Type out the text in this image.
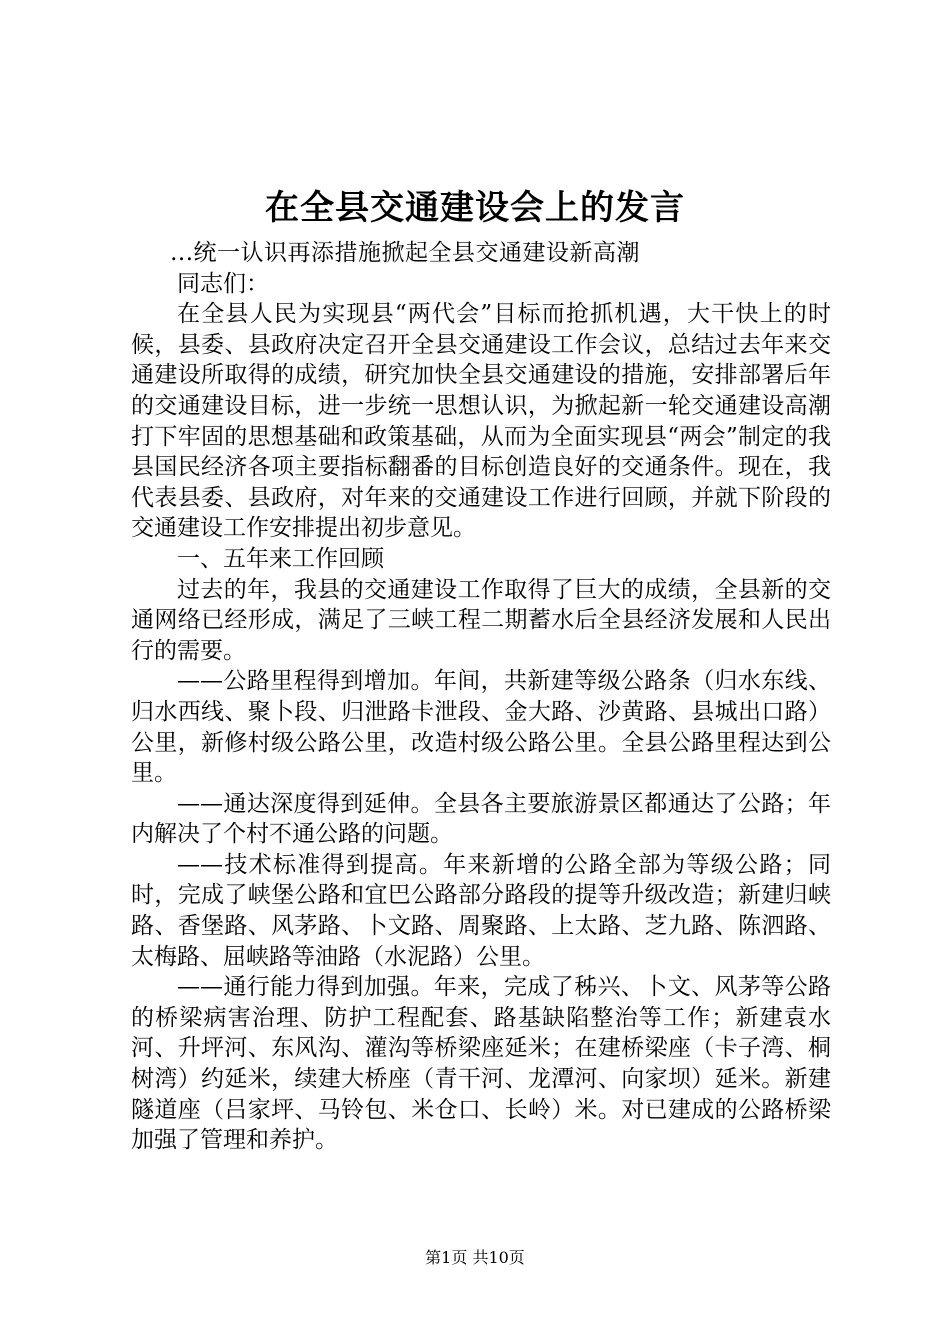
在全县交通建设会上的发言

...统一认识再添措施掀起全县交通建设新高潮

同志们：

在全县人民为实现县“两代会”目标而抢抓机遇，大干快上的时候，县委、县政府决定召开全县交通建设工作会议，总结过去年来交通建设所取得的成绩，研究加快全县交通建设的措施，安排部署后年的交通建设目标，进一步统一思想认识，为掀起新一轮交通建设高潮打下牢固的思想基础和政策基础，从而为全面实现县“两会”制定的我县国民经济各项主要指标翻番的目标创造良好的交通条件。现在，我代表县委、县政府，对年来的交通建设工作进行回顾，并就下阶段的交通建设工作安排提出初步意见。

一、五年来工作回顾

过去的年，我县的交通建设工作取得了巨大的成绩，全县新的交通网络已经形成，满足了三峡工程二期蓄水后全县经济发展和人民出行的需要。

——公路里程得到增加。年间，共新建等级公路条（归水东线、归水西线、聚卜段、归泄路卡泄段、金大路、沙黄路、县城出口路）公里，新修村级公路公里，改造村级公路公里。全县公路里程达到公里。

——通达深度得到延伸。全县各主要旅游景区都通达了公路；年内解决了个村不通公路的问题。

——技术标准得到提高。年来新增的公路全部为等级公路；同时，完成了峡堡公路和宜巴公路部分路段的提等升级改造；新建归峡路、香堡路、风茅路、卜文路、周聚路、上太路、芝九路、陈泗路、太梅路、屈峡路等油路（水泥路）公里。

——通行能力得到加强。年来，完成了秭兴、卜文、风茅等公路的桥梁病害治理、防护工程配套、路基缺陷整治等工作；新建袁水河、升坪河、东风沟、灌沟等桥梁座延米；在建桥梁座（卡子湾、桐树湾）约延米，续建大桥座（青干河、龙潭河、向家坝）延米。新建隧道座（吕家坪、马铃包、米仓口、长岭）米。对已建成的公路桥梁加强了管理和养护。

第1页 共10页
